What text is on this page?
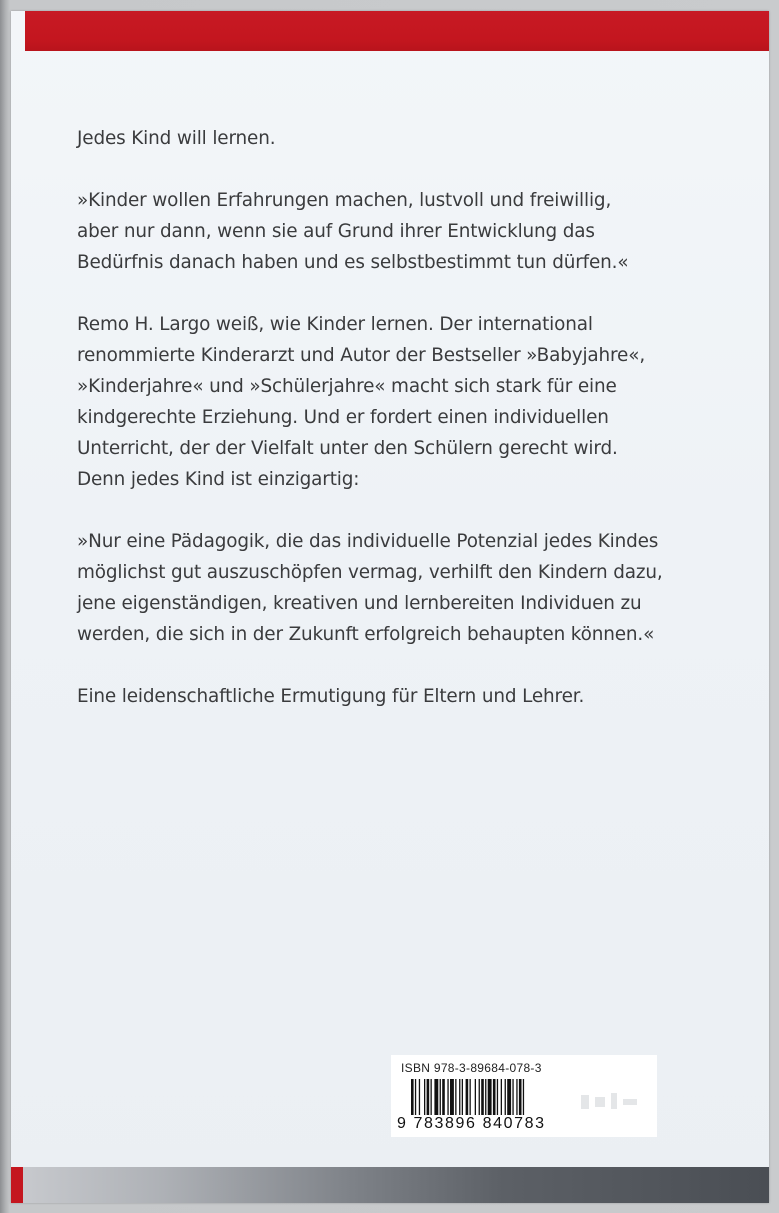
Jedes Kind will lernen.

»Kinder wollen Erfahrungen machen, lustvoll und freiwillig,
aber nur dann, wenn sie auf Grund ihrer Entwicklung das
Bedürfnis danach haben und es selbstbestimmt tun dürfen.«

Remo H. Largo weiß, wie Kinder lernen. Der international
renommierte Kinderarzt und Autor der Bestseller »Babyjahre«,
»Kinderjahre« und »Schülerjahre« macht sich stark für eine
kindgerechte Erziehung. Und er fordert einen individuellen
Unterricht, der der Vielfalt unter den Schülern gerecht wird.
Denn jedes Kind ist einzigartig:

»Nur eine Pädagogik, die das individuelle Potenzial jedes Kindes
möglichst gut auszuschöpfen vermag, verhilft den Kindern dazu,
jene eigenständigen, kreativen und lernbereiten Individuen zu
werden, die sich in der Zukunft erfolgreich behaupten können.«

Eine leidenschaftliche Ermutigung für Eltern und Lehrer.

ISBN 978-3-89684-078-3
9 783896 840783
